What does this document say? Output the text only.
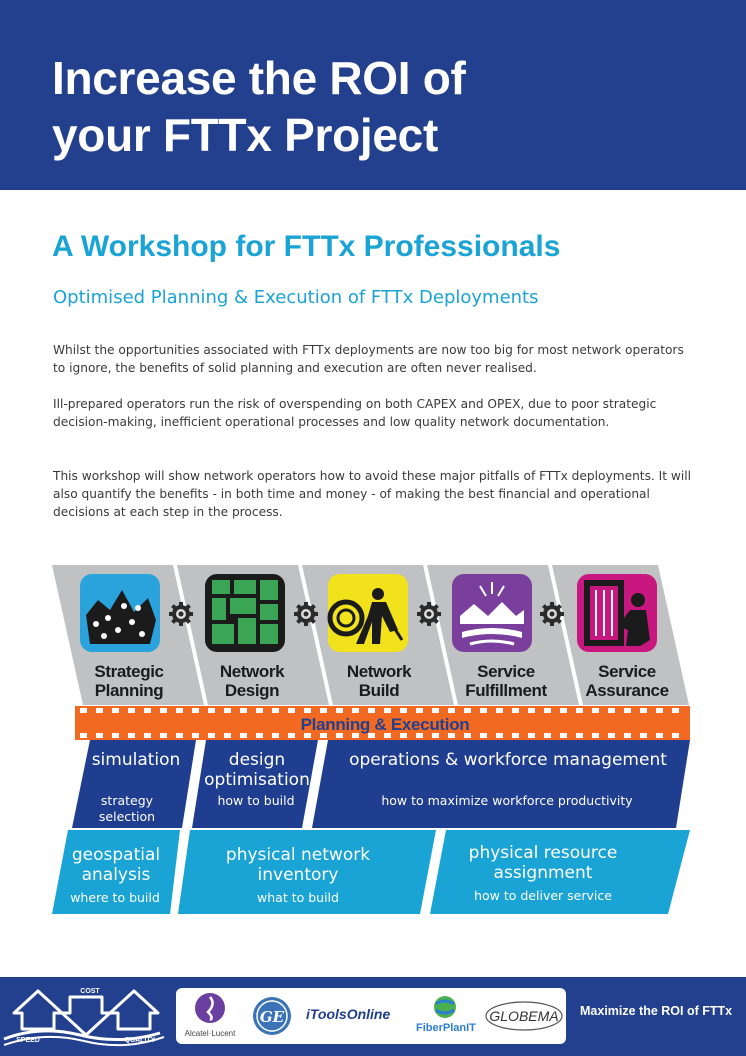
Increase the ROI of
your FTTx Project
A Workshop for FTTx Professionals

Optimised Planning & Execution of FTTx Deployments

Whilst the opportunities associated with FTTx deployments are now too big for most network operators to ignore, the benefits of solid planning and execution are often never realised.

Ill-prepared operators run the risk of overspending on both CAPEX and OPEX, due to poor strategic decision-making, inefficient operational processes and low quality network documentation.

This workshop will show network operators how to avoid these major pitfalls of FTTx deployments. It will also quantify the benefits - in both time and money - of making the best financial and operational decisions at each step in the process.

Strategic
Planning
Network
Design
Network
Build
Service
Fulfillment
Service
Assurance
Planning & Execution
simulation
strategy
selection
design
optimisation
how to build
operations & workforce management
how to maximize workforce productivity
geospatial
analysis
where to build
physical network
inventory
what to build
physical resource
assignment
how to deliver service
COST
SPEED	QUALITY
Alcatel·Lucent
GE iToolsOnline
FiberPlanIT
GLOBEMA Maximize the ROI of FTTx
